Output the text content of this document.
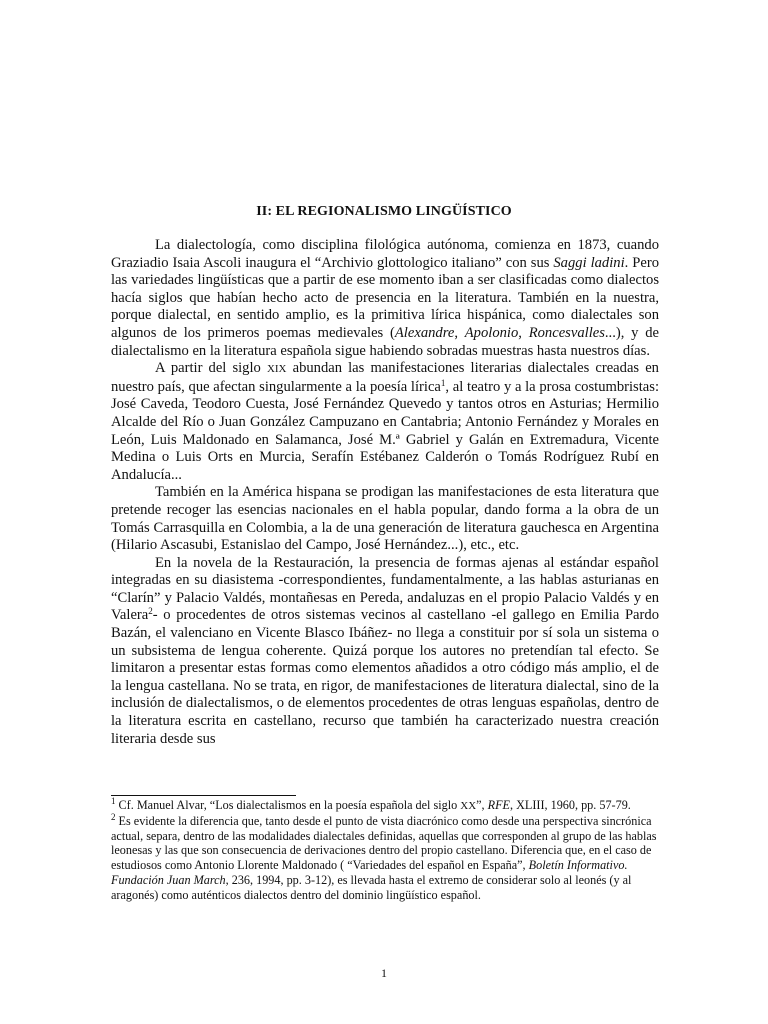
II: EL REGIONALISMO LINGÜÍSTICO

La dialectología, como disciplina filológica autónoma, comienza en 1873, cuando Graziadio Isaia Ascoli inaugura el “Archivio glottologico italiano” con sus Saggi ladini. Pero las variedades lingüísticas que a partir de ese momento iban a ser clasificadas como dialectos hacía siglos que habían hecho acto de presencia en la literatura. También en la nuestra, porque dialectal, en sentido amplio, es la primitiva lírica hispánica, como dialectales son algunos de los primeros poemas medievales (Alexandre, Apolonio, Roncesvalles...), y de dialectalismo en la literatura española sigue habiendo sobradas muestras hasta nuestros días.

A partir del siglo XIX abundan las manifestaciones literarias dialectales creadas en nuestro país, que afectan singularmente a la poesía lírica$^1$, al teatro y a la prosa costumbristas: José Caveda, Teodoro Cuesta, José Fernández Quevedo y tantos otros en Asturias; Hermilio Alcalde del Río o Juan González Campuzano en Cantabria; Antonio Fernández y Morales en León, Luis Maldonado en Salamanca, José M.ª Gabriel y Galán en Extremadura, Vicente Medina o Luis Orts en Murcia, Serafín Estébanez Calderón o Tomás Rodríguez Rubí en Andalucía...

También en la América hispana se prodigan las manifestaciones de esta literatura que pretende recoger las esencias nacionales en el habla popular, dando forma a la obra de un Tomás Carrasquilla en Colombia, a la de una generación de literatura gauchesca en Argentina (Hilario Ascasubi, Estanislao del Campo, José Hernández...), etc., etc.

En la novela de la Restauración, la presencia de formas ajenas al estándar español integradas en su diasistema -correspondientes, fundamentalmente, a las hablas asturianas en “Clarín” y Palacio Valdés, montañesas en Pereda, andaluzas en el propio Palacio Valdés y en Valera$^2$- o procedentes de otros sistemas vecinos al castellano -el gallego en Emilia Pardo Bazán, el valenciano en Vicente Blasco Ibáñez- no llega a constituir por sí sola un sistema o un subsistema de lengua coherente. Quizá porque los autores no pretendían tal efecto. Se limitaron a presentar estas formas como elementos añadidos a otro código más amplio, el de la lengua castellana. No se trata, en rigor, de manifestaciones de literatura dialectal, sino de la inclusión de dialectalismos, o de elementos procedentes de otras lenguas españolas, dentro de la literatura escrita en castellano, recurso que también ha caracterizado nuestra creación literaria desde sus

$^1$ Cf. Manuel Alvar, “Los dialectalismos en la poesía española del siglo XX”, RFE, XLIII, 1960, pp. 57-79.

$^2$ Es evidente la diferencia que, tanto desde el punto de vista diacrónico como desde una perspectiva sincrónica actual, separa, dentro de las modalidades dialectales definidas, aquellas que corresponden al grupo de las hablas leonesas y las que son consecuencia de derivaciones dentro del propio castellano. Diferencia que, en el caso de estudiosos como Antonio Llorente Maldonado ( “Variedades del español en España”, Boletín Informativo. Fundación Juan March, 236, 1994, pp. 3-12), es llevada hasta el extremo de considerar solo al leonés (y al aragonés) como auténticos dialectos dentro del dominio lingüístico español.

1
